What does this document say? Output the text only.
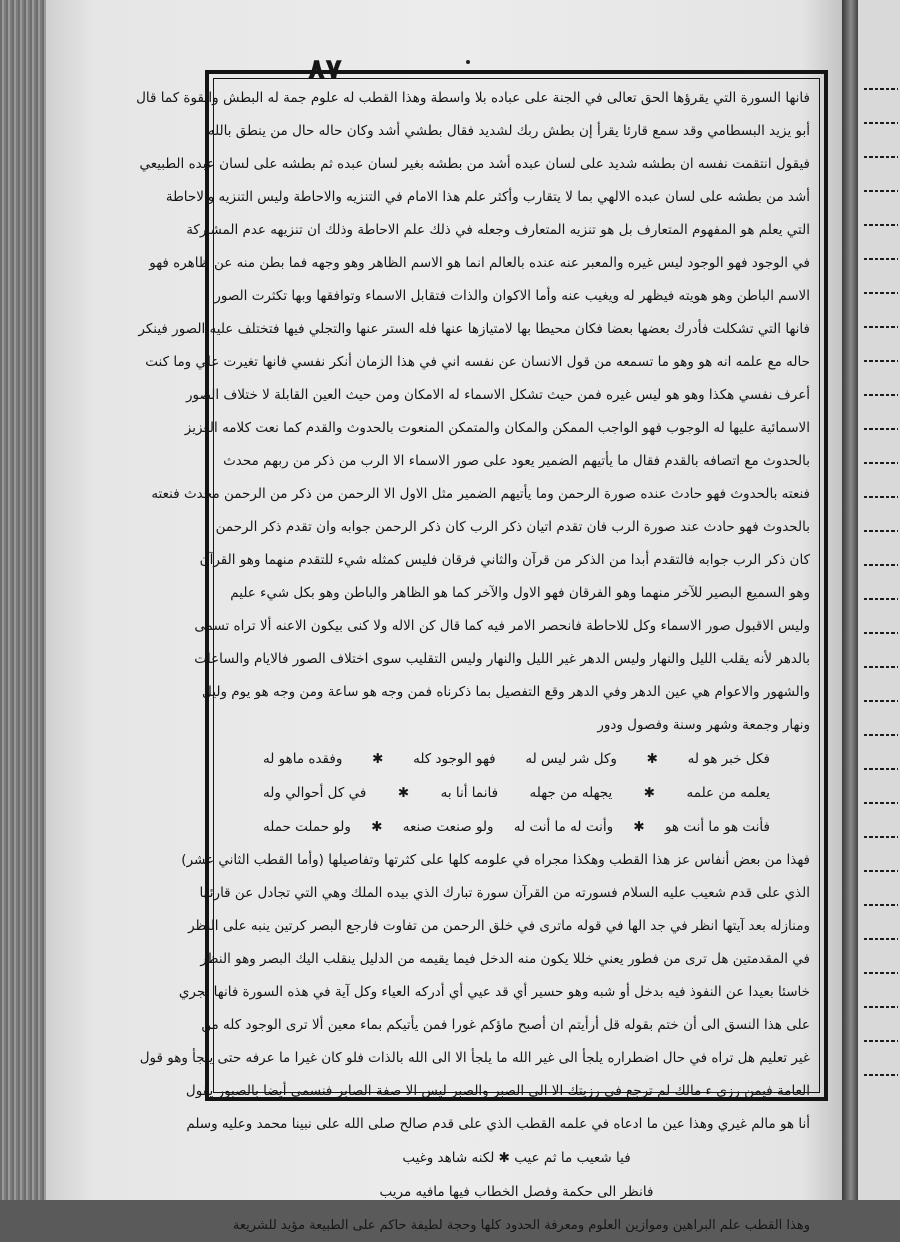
٨٧
فانها السورة التي يقرؤها الحق تعالى في الجنة على عباده بلا واسطة وهذا القطب له علوم جمة له البطش والقوة كما قال
أبو يزيد البسطامي وقد سمع قارئا يقرأ إن بطش ربك لشديد فقال بطشي أشد وكان حاله حال من ينطق بالله
فيقول انتقمت نفسه ان بطشه شديد على لسان عبده أشد من بطشه بغير لسان عبده ثم بطشه على لسان عبده الطبيعي
أشد من بطشه على لسان عبده الالهي بما لا يتقارب وأكثر علم هذا الامام في التنزيه والاحاطة وليس التنزيه والاحاطة
التي يعلم هو المفهوم المتعارف بل هو تنزيه المتعارف وجعله في ذلك علم الاحاطة وذلك ان تنزيهه عدم المشاركة
في الوجود فهو الوجود ليس غيره والمعبر عنه عنده بالعالم انما هو الاسم الظاهر وهو وجهه فما بطن منه عن ظاهره فهو
الاسم الباطن وهو هويته فيظهر له ويغيب عنه وأما الاكوان والذات فتقابل الاسماء وتوافقها وبها تكثرت الصور
فانها التي تشكلت فأدرك بعضها بعضا فكان محيطا بها لامتيازها عنها فله الستر عنها والتجلي فيها فتختلف عليه الصور فينكر
حاله مع علمه انه هو وهو ما تسمعه من قول الانسان عن نفسه اني في هذا الزمان أنكر نفسي فانها تغيرت علي وما كنت
أعرف نفسي هكذا وهو هو ليس غيره فمن حيث تشكل الاسماء له الامكان ومن حيث العين القابلة لا ختلاف الصور
الاسمائية عليها له الوجوب فهو الواجب الممكن والمكان والمتمكن المنعوت بالحدوث والقدم كما نعت كلامه العزيز
بالحدوث مع اتصافه بالقدم فقال ما يأتيهم الضمير يعود على صور الاسماء الا الرب من ذكر من ربهم محدث
فنعته بالحدوث فهو حادث عنده صورة الرحمن وما يأتيهم الضمير مثل الاول الا الرحمن من ذكر من الرحمن محدث فنعته
بالحدوث فهو حادث عند صورة الرب فان تقدم اتيان ذكر الرب كان ذكر الرحمن جوابه وان تقدم ذكر الرحمن
كان ذكر الرب جوابه فالتقدم أبدا من الذكر من قرآن والثاني فرقان فليس كمثله شيء للتقدم منهما وهو القرآن
وهو السميع البصير للآخر منهما وهو الفرقان فهو الاول والآخر كما هو الظاهر والباطن وهو بكل شيء عليم
وليس الاقبول صور الاسماء وكل للاحاطة فانحصر الامر فيه كما قال كن الاله ولا كنى بيكون الاعنه ألا تراه تسمى
بالدهر لأنه يقلب الليل والنهار وليس الدهر غير الليل والنهار وليس التقليب سوى اختلاف الصور فالايام والساعات
والشهور والاعوام هي عين الدهر وفي الدهر وقع التفصيل بما ذكرناه فمن وجه هو ساعة ومن وجه هو يوم وليل
ونهار وجمعة وشهر وسنة وفصول ودور
فكل خبر هو له
✱
وكل شر ليس له
فهو الوجود كله
✱
وفقده ماهو له
يعلمه من علمه
✱
يجهله من جهله
فانما أنا به
✱
في كل أحوالي وله
فأنت هو ما أنت هو
✱
وأنت له ما أنت له
ولو صنعت صنعه
✱
ولو حملت حمله
فهذا من بعض أنفاس عز هذا القطب وهكذا مجراه في علومه كلها على كثرتها وتفاصيلها (وأما القطب الثاني عشر)
الذي على قدم شعيب عليه السلام فسورته من القرآن سورة تبارك الذي بيده الملك وهي التي تجادل عن قارئها
ومنازله بعد آيتها انظر في جد الها في قوله ماترى في خلق الرحمن من تفاوت فارجع البصر كرتين ينبه على النظر
في المقدمتين هل ترى من فطور يعني خللا يكون منه الدخل فيما يقيمه من الدليل ينقلب اليك البصر وهو النظر
خاسئا بعيدا عن النفوذ فيه بدخل أو شبه وهو حسير أي قد عيي أي أدركه العياء وكل آية في هذه السورة فانها تجري
على هذا النسق الى أن ختم بقوله قل أرأيتم ان أصبح ماؤكم غورا فمن يأتيكم بماء معين ألا ترى الوجود كله من
غير تعليم هل تراه في حال اضطراره يلجأ الى غير الله ما يلجأ الا الى الله بالذات فلو كان غيرا ما عرفه حتى يلجأ وهو قول
العامة فيمن رزى ء مالك لم ترجع في رزيتك الا الى الصبر والصبر ليس الا صفة الصابر فنسمي أيضا بالصبور يقول
أنا هو مالم غيري وهذا عين ما ادعاه في علمه القطب الذي على قدم صالح صلى الله على نبينا محمد وعليه وسلم
فيا شعيب ما ثم عيب ✱ لكنه شاهد وغيب
فانظر الى حكمة وفصل الخطاب فيها مافيه مريب
وهذا القطب علم البراهين وموازين العلوم ومعرفة الحدود كلها وحجة لطيفة حاكم على الطبيعة مؤيد للشريعة
